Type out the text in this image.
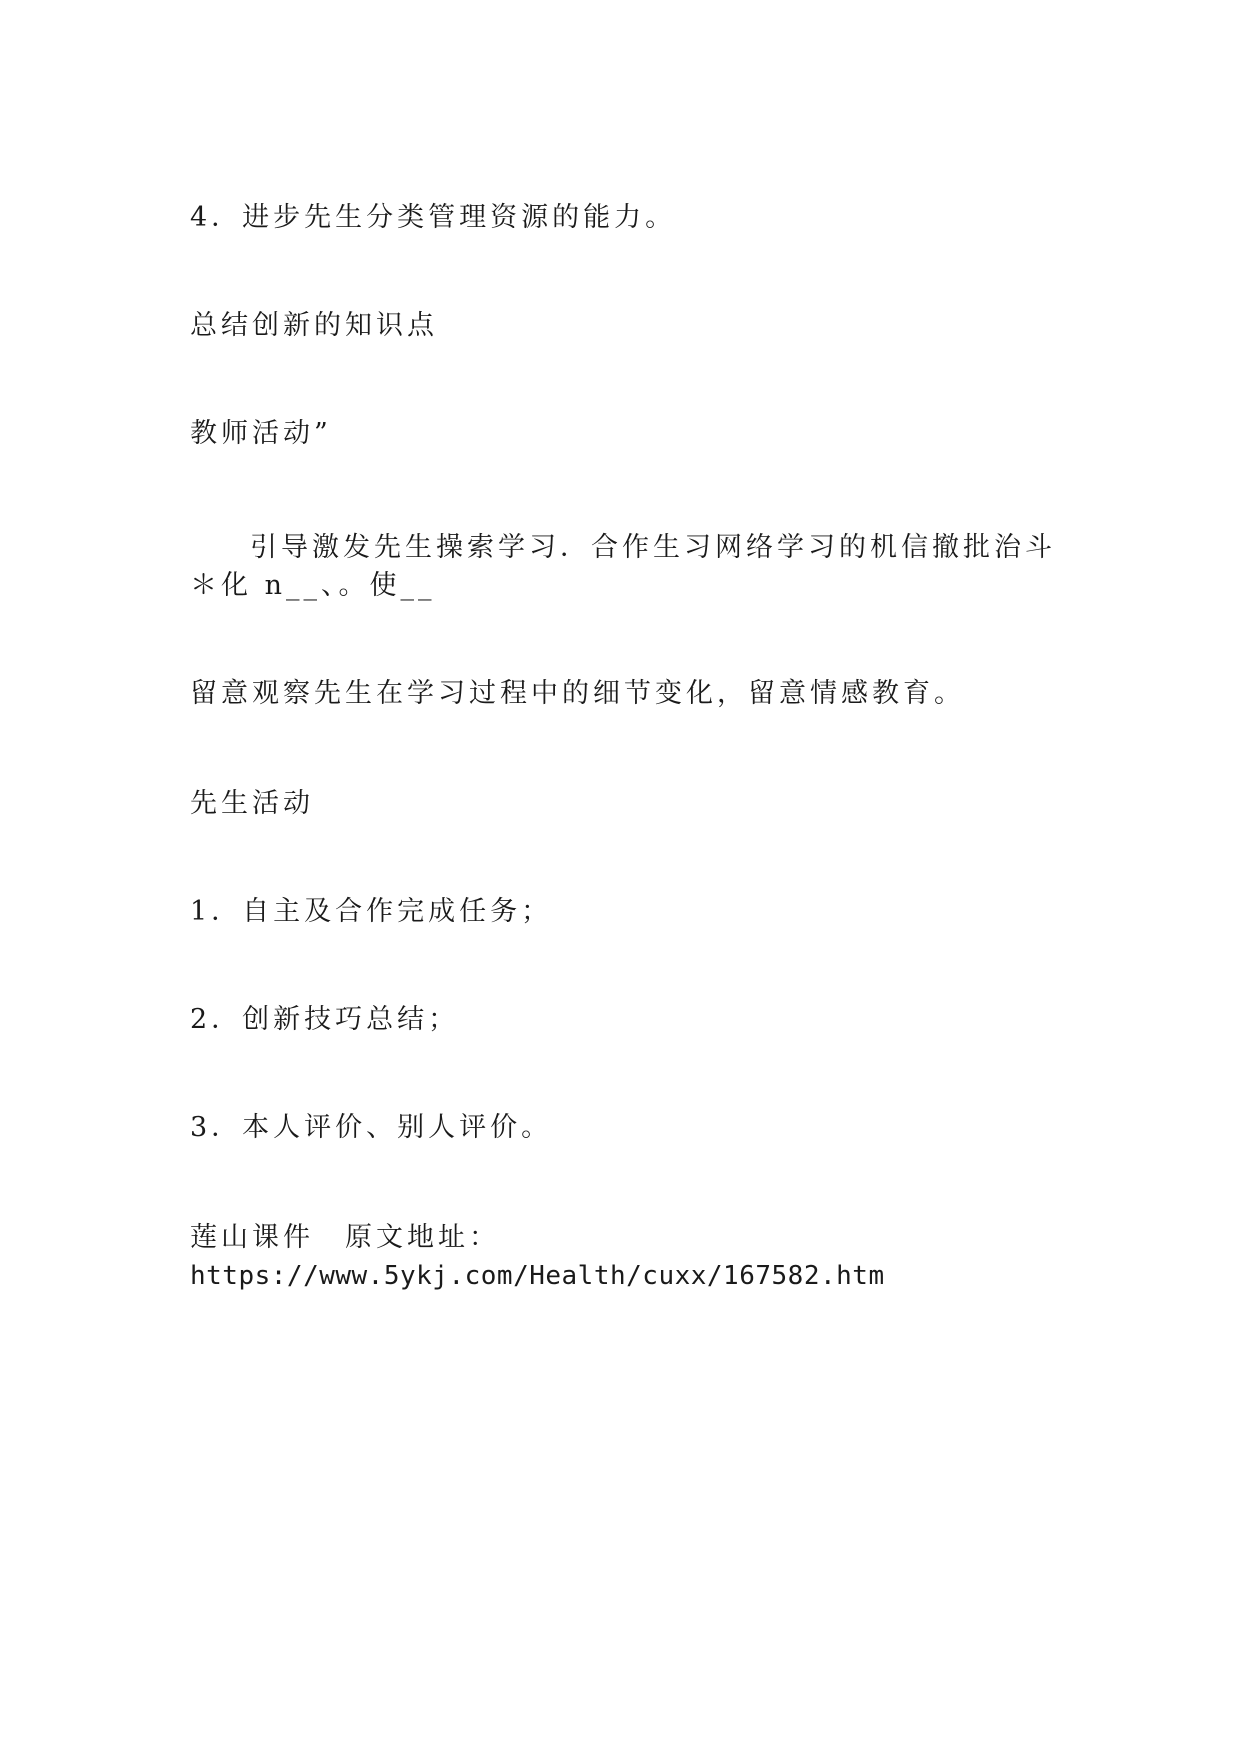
4．进步先生分类管理资源的能力。
总结创新的知识点
教师活动”
引导激发先生操索学习．合作生习网络学习的机信撤批治斗
＊化 n__、。使__
留意观察先生在学习过程中的细节变化，留意情感教育。
先生活动
1．自主及合作完成任务；
2．创新技巧总结；
3．本人评价、别人评价。
莲山课件　原文地址：
https://www.5ykj.com/Health/cuxx/167582.htm
